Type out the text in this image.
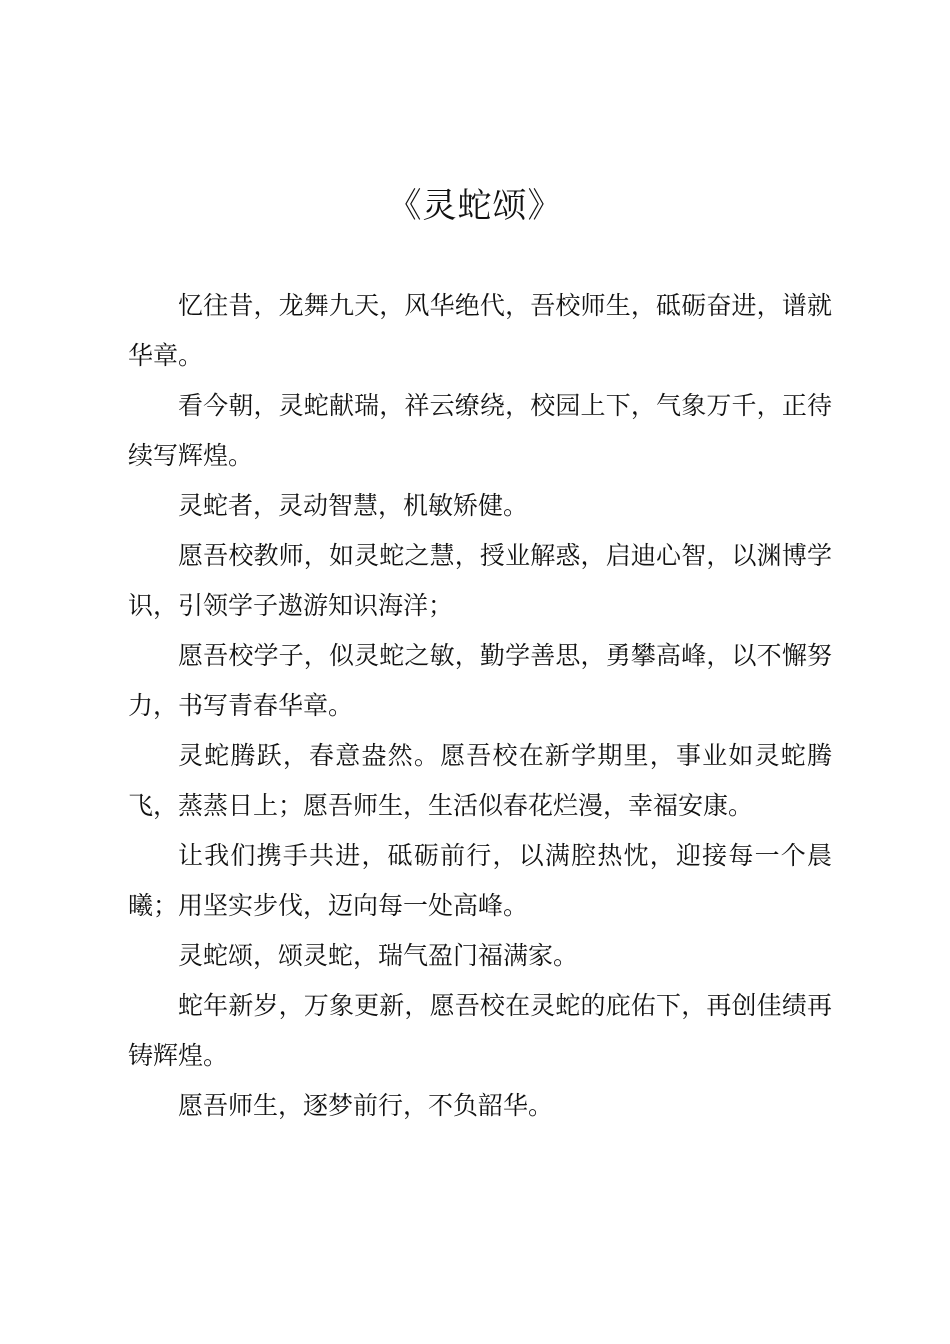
《灵蛇颂》

忆往昔，龙舞九天，风华绝代，吾校师生，砥砺奋进，谱就华章。

看今朝，灵蛇献瑞，祥云缭绕，校园上下，气象万千，正待续写辉煌。

灵蛇者，灵动智慧，机敏矫健。

愿吾校教师，如灵蛇之慧，授业解惑，启迪心智，以渊博学识，引领学子遨游知识海洋；

愿吾校学子，似灵蛇之敏，勤学善思，勇攀高峰，以不懈努力，书写青春华章。

灵蛇腾跃，春意盎然。愿吾校在新学期里，事业如灵蛇腾飞，蒸蒸日上；愿吾师生，生活似春花烂漫，幸福安康。

让我们携手共进，砥砺前行，以满腔热忱，迎接每一个晨曦；用坚实步伐，迈向每一处高峰。

灵蛇颂，颂灵蛇，瑞气盈门福满家。

蛇年新岁，万象更新，愿吾校在灵蛇的庇佑下，再创佳绩再铸辉煌。

愿吾师生，逐梦前行，不负韶华。
